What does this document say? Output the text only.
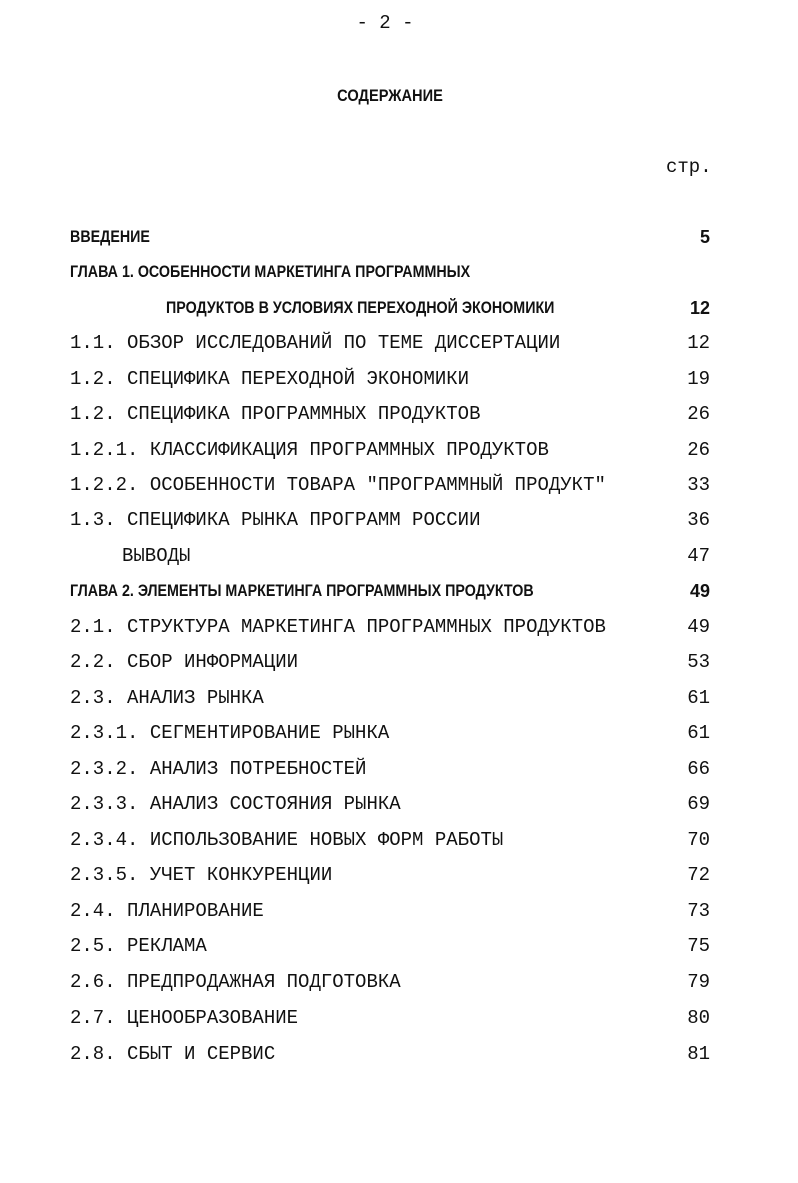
- 2 -
СОДЕРЖАНИЕ
стр.
ВВЕДЕНИЕ	5
ГЛАВА 1. ОСОБЕННОСТИ МАРКЕТИНГА ПРОГРАММНЫХ
ПРОДУКТОВ В УСЛОВИЯХ ПЕРЕХОДНОЙ ЭКОНОМИКИ	12
1.1. ОБЗОР ИССЛЕДОВАНИЙ ПО ТЕМЕ ДИССЕРТАЦИИ	12
1.2. СПЕЦИФИКА ПЕРЕХОДНОЙ ЭКОНОМИКИ	19
1.2. СПЕЦИФИКА ПРОГРАММНЫХ ПРОДУКТОВ	26
1.2.1. КЛАССИФИКАЦИЯ ПРОГРАММНЫХ ПРОДУКТОВ	26
1.2.2. ОСОБЕННОСТИ ТОВАРА "ПРОГРАММНЫЙ ПРОДУКТ"	33
1.3. СПЕЦИФИКА РЫНКА ПРОГРАММ РОССИИ	36
ВЫВОДЫ	47
ГЛАВА 2. ЭЛЕМЕНТЫ МАРКЕТИНГА ПРОГРАММНЫХ ПРОДУКТОВ	49
2.1. СТРУКТУРА МАРКЕТИНГА ПРОГРАММНЫХ ПРОДУКТОВ	49
2.2. СБОР ИНФОРМАЦИИ	53
2.3. АНАЛИЗ РЫНКА	61
2.3.1. СЕГМЕНТИРОВАНИЕ РЫНКА	61
2.3.2. АНАЛИЗ ПОТРЕБНОСТЕЙ	66
2.3.3. АНАЛИЗ СОСТОЯНИЯ РЫНКА	69
2.3.4. ИСПОЛЬЗОВАНИЕ НОВЫХ ФОРМ РАБОТЫ	70
2.3.5. УЧЕТ КОНКУРЕНЦИИ	72
2.4. ПЛАНИРОВАНИЕ	73
2.5. РЕКЛАМА	75
2.6. ПРЕДПРОДАЖНАЯ ПОДГОТОВКА	79
2.7. ЦЕНООБРАЗОВАНИЕ	80
2.8. СБЫТ И СЕРВИС	81
